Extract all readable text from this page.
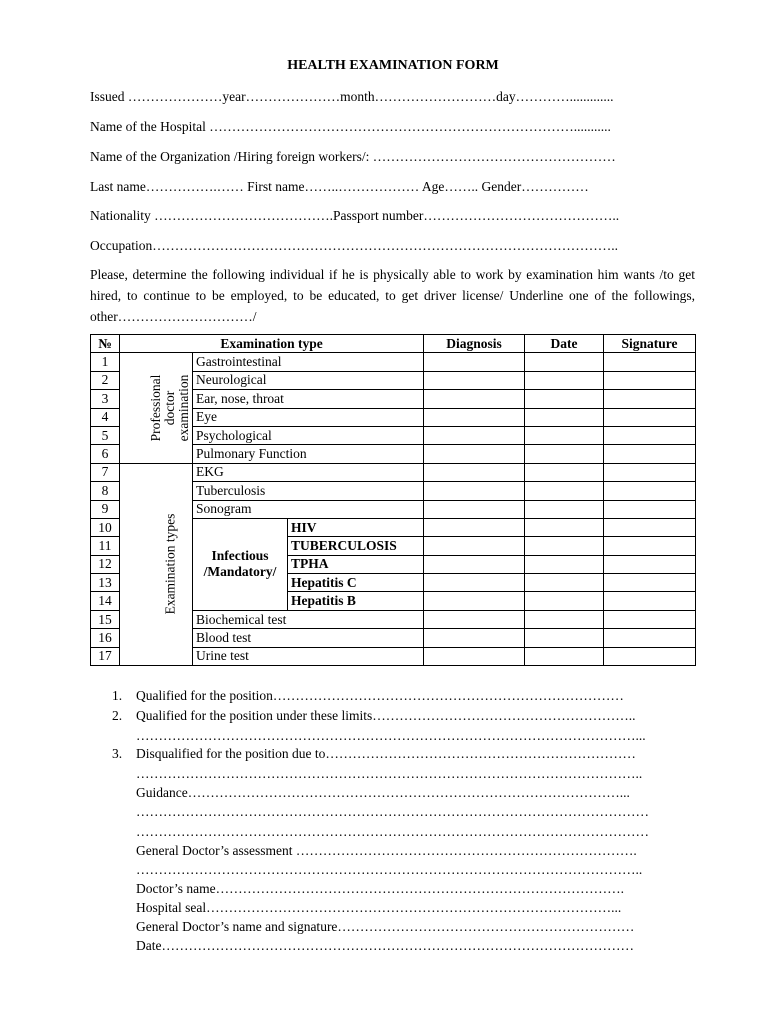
HEALTH EXAMINATION FORM
Issued …………………year…………………month………………………day………….............
Name of the Hospital ………………………………………………………………………...........
Name of the Organization /Hiring foreign workers/: ………………………………………………
Last name…………….…… First name……..……………… Age…….. Gender……………
Nationality ………………………………….Passport number……………………………………..
Occupation…………………………………………………………………………………………..
Please, determine the following individual if he is physically able to work by examination him wants /to get hired, to continue to be employed, to be educated, to get driver license/ Underline one of the followings, other…………………………/
№	Examination type			Diagnosis	Date	Signature
1	Professional doctor examination	Gastrointestinal				
2		Neurological				
3		Ear, nose, throat				
4		Eye				
5		Psychological				
6		Pulmonary Function				
7	Examination types	EKG				
8		Tuberculosis				
9		Sonogram				
10		Infectious /Mandatory/	HIV			
11			TUBERCULOSIS			
12			TPHA			
13			Hepatitis C			
14			Hepatitis B			
15		Biochemical test				
16		Blood test				
17		Urine test				
1. Qualified for the position……………………………………………………………………
2. Qualified for the position under these limits…………………………………………………..
…………………………………………………………………………………………………...
3. Disqualified for the position due to……………………………………………………………
…………………………………………………………………………………………………..
Guidance……………………………………………………………………………………...
……………………………………………………………………………………………………
……………………………………………………………………………………………………
General Doctor’s assessment ………………………………………………………………….
…………………………………………………………………………………………………..
Doctor’s name……………………………………………………………………………….
Hospital seal………………………………………………………………………………...
General Doctor’s name and signature…………………………………………………………
Date……………………………………………………………………………………………
